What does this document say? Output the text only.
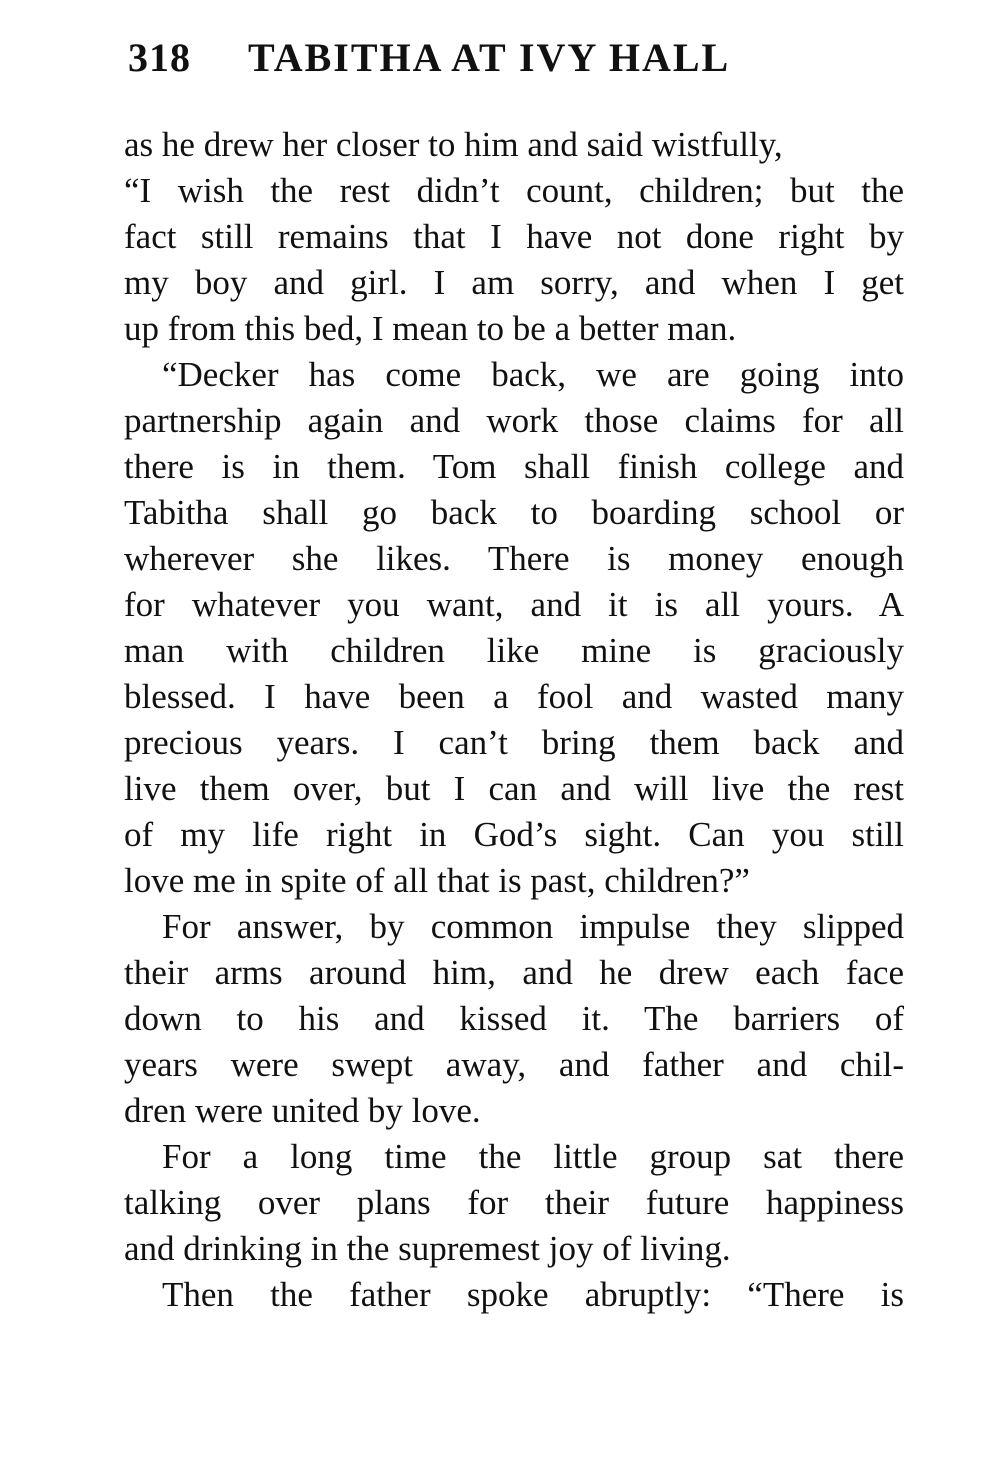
318 TABITHA AT IVY HALL
as he drew her closer to him and said wistfully,
“I wish the rest didn’t count, children; but the
fact still remains that I have not done right by
my boy and girl. I am sorry, and when I get
up from this bed, I mean to be a better man.
“Decker has come back, we are going into
partnership again and work those claims for all
there is in them. Tom shall finish college and
Tabitha shall go back to boarding school or
wherever she likes. There is money enough
for whatever you want, and it is all yours. A
man with children like mine is graciously
blessed. I have been a fool and wasted many
precious years. I can’t bring them back and
live them over, but I can and will live the rest
of my life right in God’s sight. Can you still
love me in spite of all that is past, children?”
For answer, by common impulse they slipped
their arms around him, and he drew each face
down to his and kissed it. The barriers of
years were swept away, and father and chil-
dren were united by love.
For a long time the little group sat there
talking over plans for their future happiness
and drinking in the supremest joy of living.
Then the father spoke abruptly: “There is
